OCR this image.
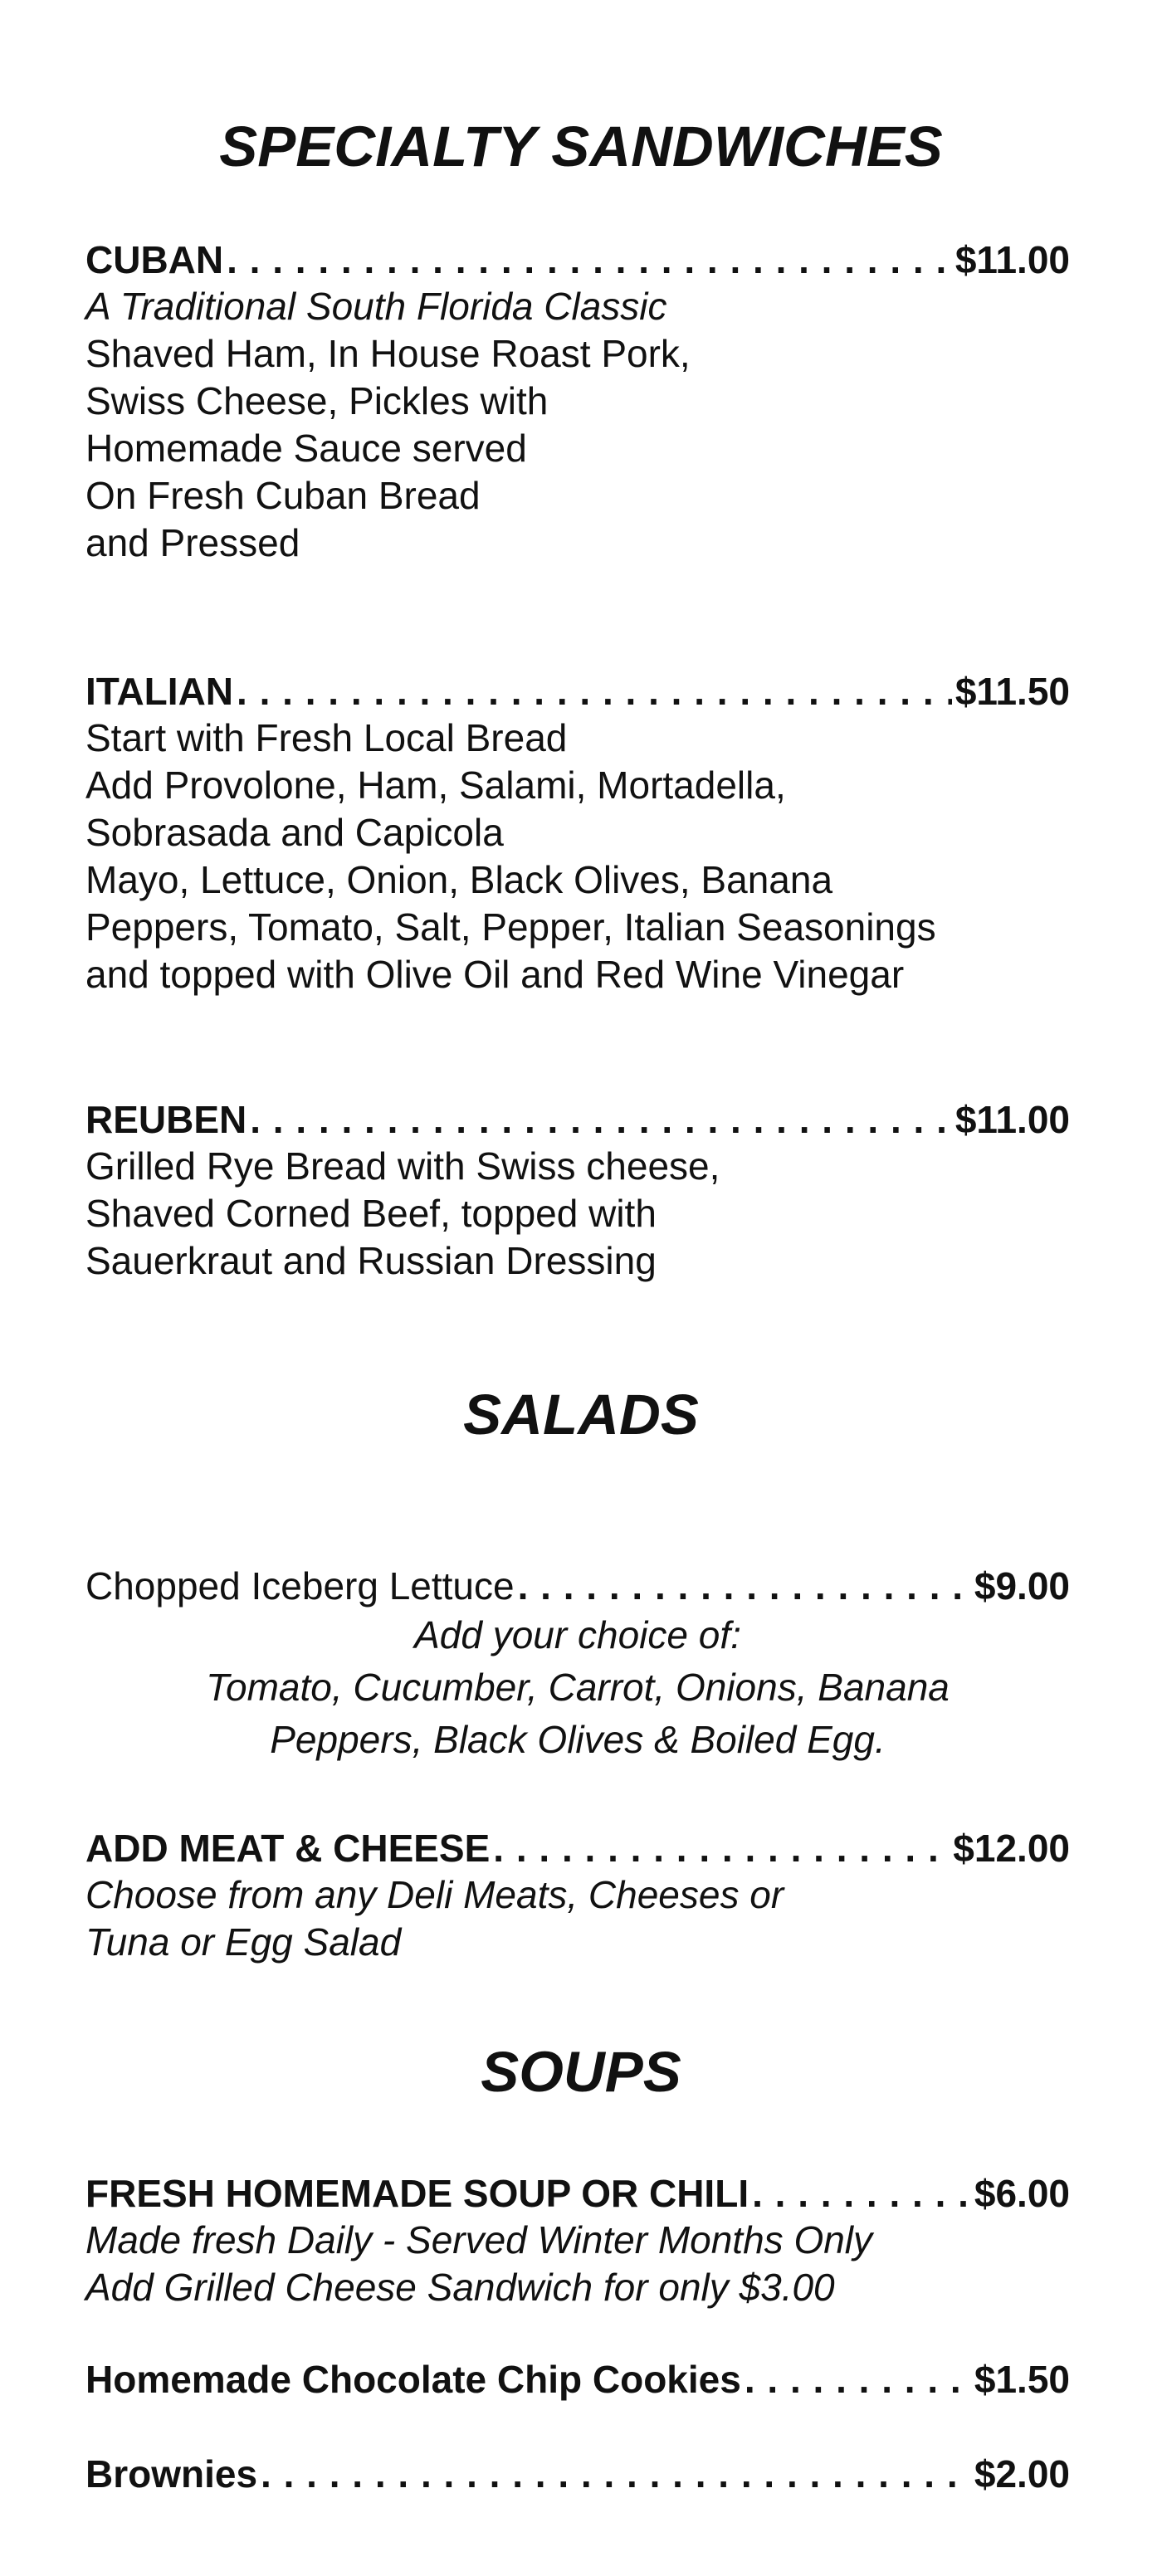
SPECIALTY SANDWICHES
CUBAN . . .	$11.00

A Traditional South Florida Classic

Shaved Ham, In House Roast Pork,

Swiss Cheese, Pickles with

Homemade Sauce served

On Fresh Cuban Bread

and Pressed

ITALIAN . . .	$11.50

Start with Fresh Local Bread

Add Provolone, Ham, Salami, Mortadella,

Sobrasada and Capicola

Mayo, Lettuce, Onion, Black Olives, Banana

Peppers, Tomato, Salt, Pepper, Italian Seasonings

and topped with Olive Oil and Red Wine Vinegar

REUBEN . . .	$11.00

Grilled Rye Bread with Swiss cheese,

Shaved Corned Beef, topped with

Sauerkraut and Russian Dressing

SALADS
Chopped Iceberg Lettuce . . .	$9.00

Add your choice of:

Tomato, Cucumber, Carrot, Onions, Banana

Peppers, Black Olives & Boiled Egg.

ADD MEAT & CHEESE . . .	$12.00

Choose from any Deli Meats, Cheeses or

Tuna or Egg Salad

SOUPS
FRESH HOMEMADE SOUP OR CHILI . . .	$6.00

Made fresh Daily - Served Winter Months Only

Add Grilled Cheese Sandwich for only $3.00

Homemade Chocolate Chip Cookies . . .	$1.50
Brownies . . .	$2.00
